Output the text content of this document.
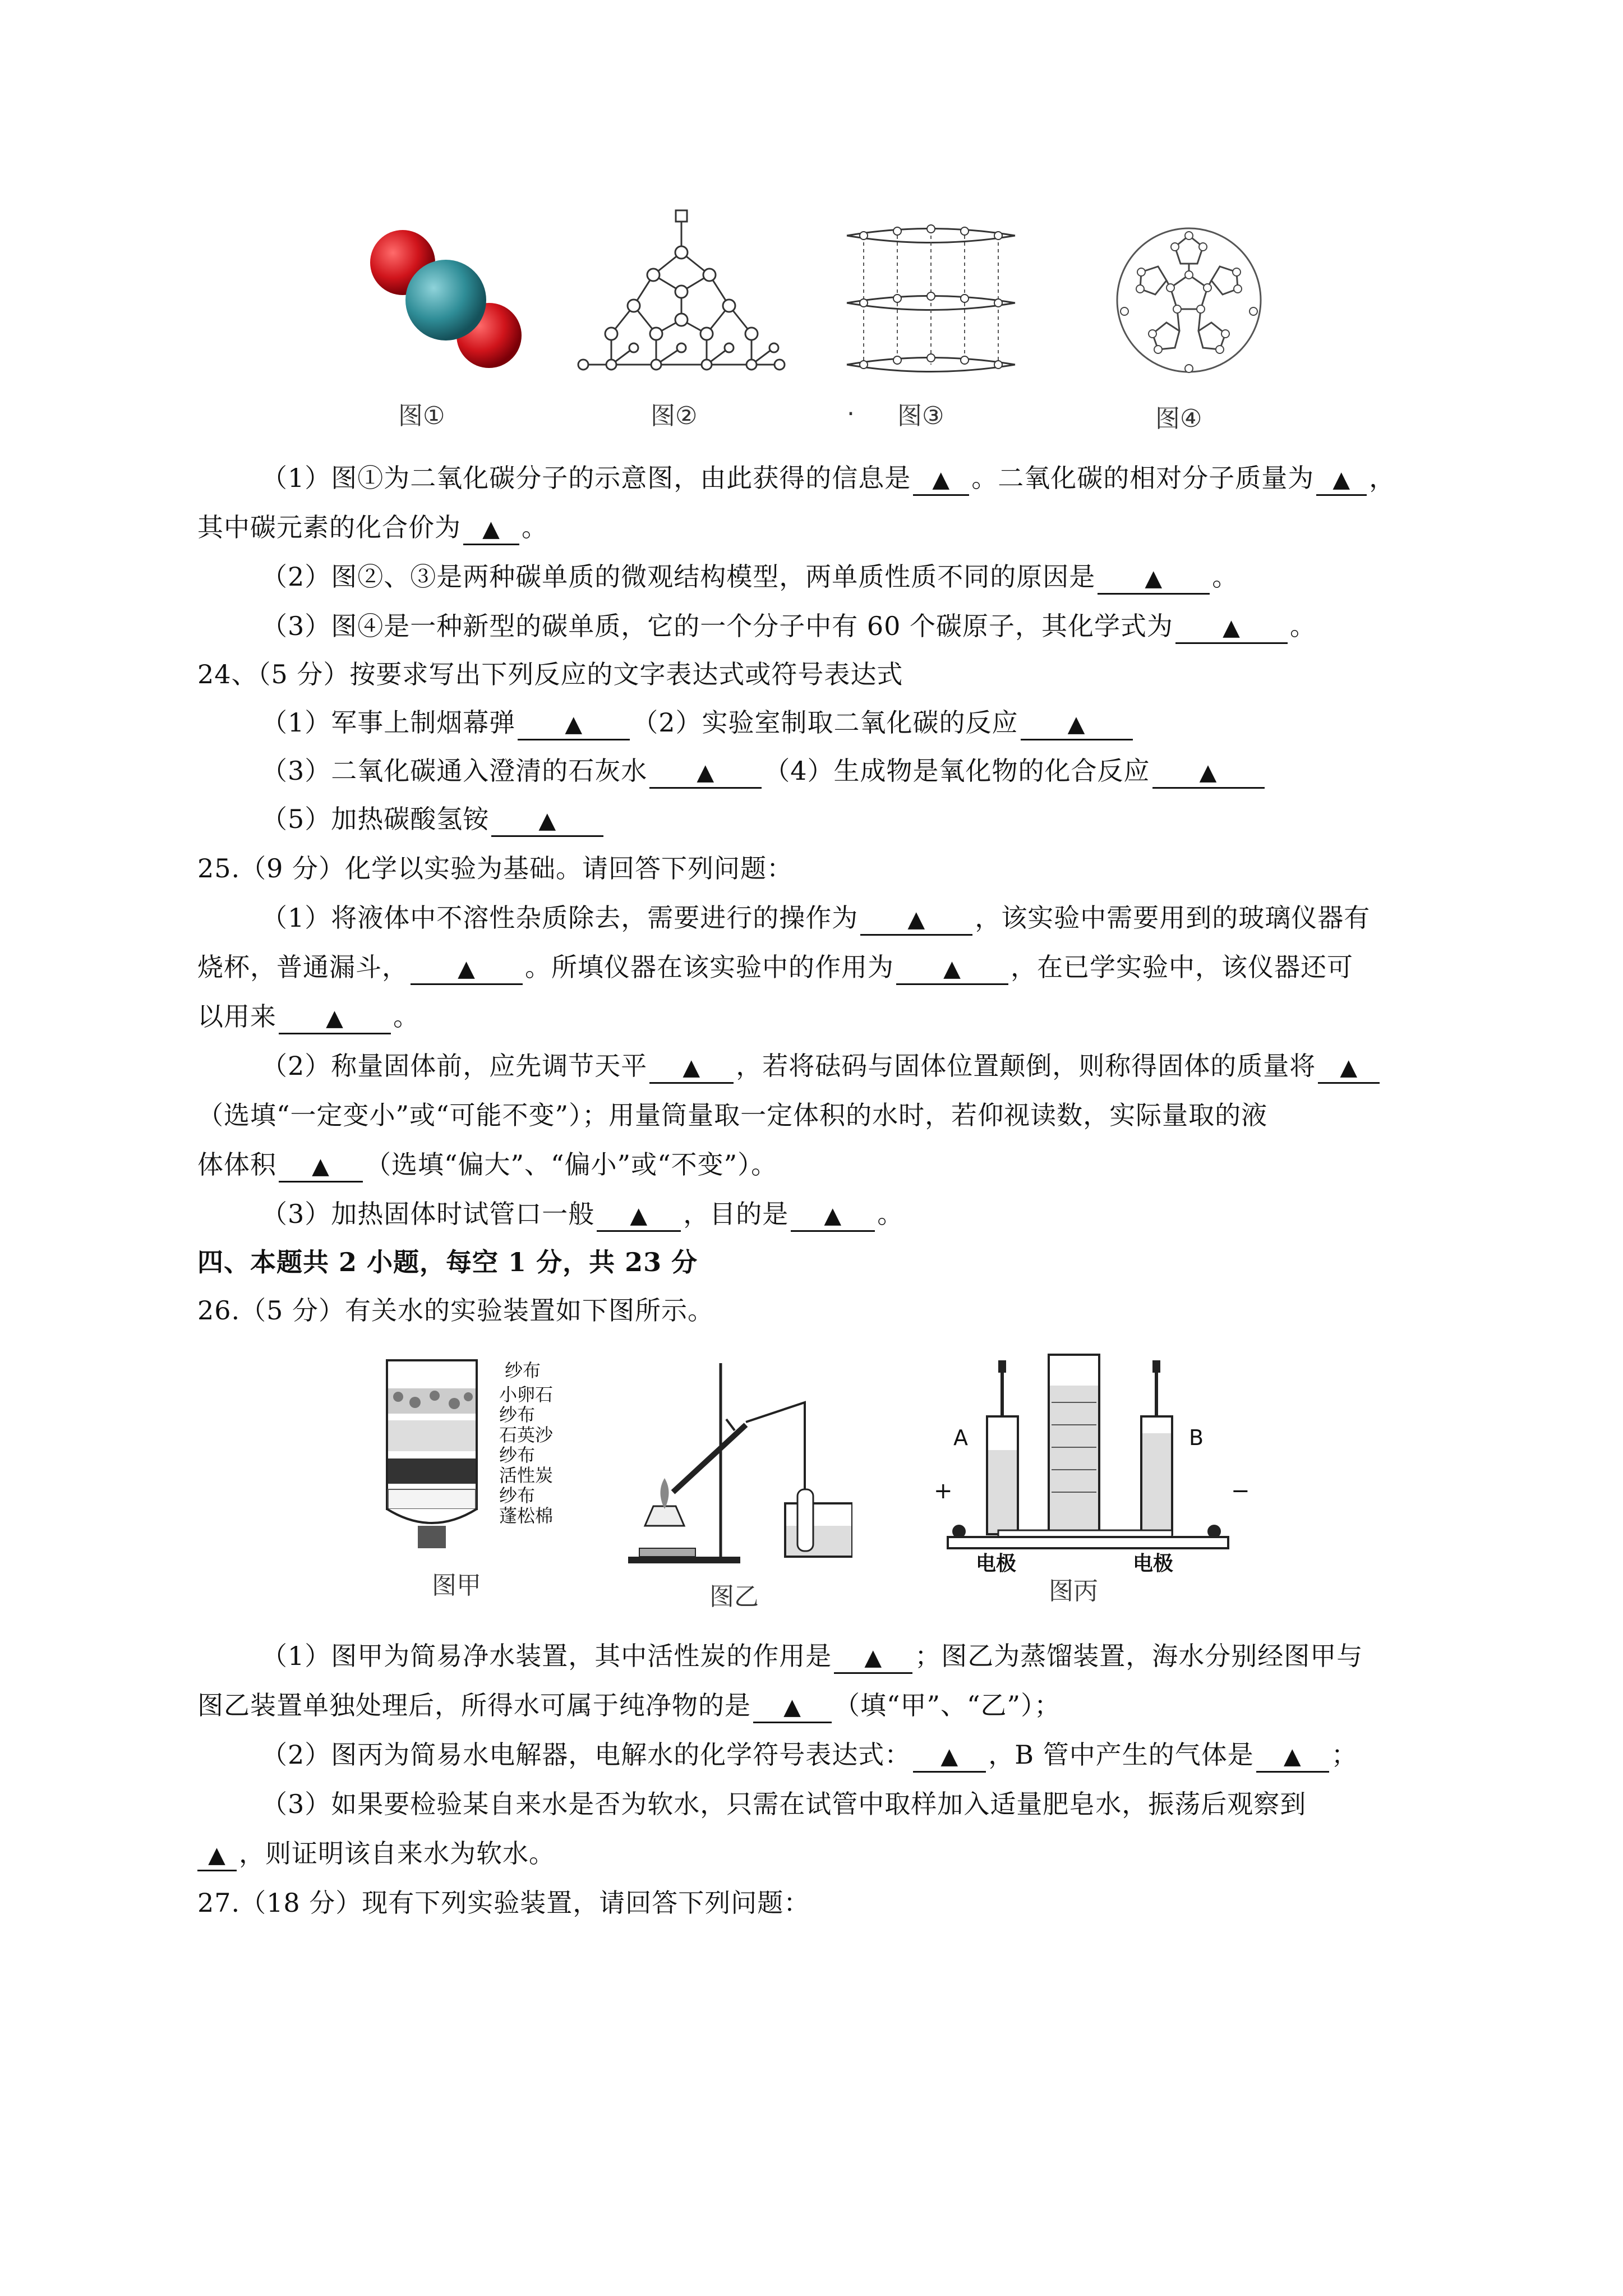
图①	图②	. 图③	图④
（1）图①为二氧化碳分子的示意图，由此获得的信息是 ▲ 。二氧化碳的相对分子质量为 ▲ ，
其中碳元素的化合价为 ▲ 。
（2）图②、③是两种碳单质的微观结构模型，两单质性质不同的原因是 ▲ 。
（3）图④是一种新型的碳单质，它的一个分子中有 60 个碳原子，其化学式为 ▲ 。
24、（5 分）按要求写出下列反应的文字表达式或符号表达式
（1）军事上制烟幕弹 ▲ （2）实验室制取二氧化碳的反应 ▲
（3）二氧化碳通入澄清的石灰水 ▲ （4）生成物是氧化物的化合反应 ▲
（5）加热碳酸氢铵 ▲
25.（9 分）化学以实验为基础。请回答下列问题：
（1）将液体中不溶性杂质除去，需要进行的操作为 ▲ ，该实验中需要用到的玻璃仪器有
烧杯，普通漏斗， ▲ 。所填仪器在该实验中的作用为 ▲ ，在已学实验中，该仪器还可
以用来 ▲ 。
（2）称量固体前，应先调节天平 ▲ ，若将砝码与固体位置颠倒，则称得固体的质量将 ▲
（选填“一定变小”或“可能不变”）；用量筒量取一定体积的水时，若仰视读数，实际量取的液
体体积 ▲ （选填“偏大”、“偏小”或“不变”）。
（3）加热固体时试管口一般 ▲ ，目的是 ▲ 。
四、本题共 2 小题，每空 1 分，共 23 分
26.（5 分）有关水的实验装置如下图所示。
纱布
小卵石
纱布
石英沙
纱布
活性炭
纱布
蓬松棉
图甲	图乙
A	B
+	−
电极	电极
图丙
（1）图甲为简易净水装置，其中活性炭的作用是 ▲ ；图乙为蒸馏装置，海水分别经图甲与
图乙装置单独处理后，所得水可属于纯净物的是 ▲ （填“甲”、“乙”）；
（2）图丙为简易水电解器，电解水的化学符号表达式： ▲ ，B 管中产生的气体是 ▲ ；
（3）如果要检验某自来水是否为软水，只需在试管中取样加入适量肥皂水，振荡后观察到
▲ ，则证明该自来水为软水。
27.（18 分）现有下列实验装置，请回答下列问题：
